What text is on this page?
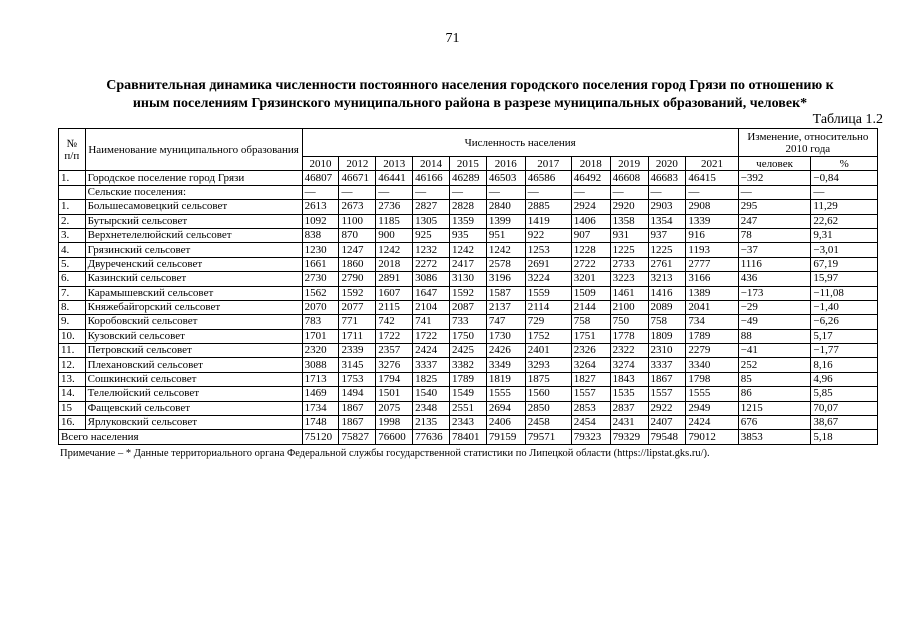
71
Сравнительная динамика численности постоянного населения городского поселения город Грязи по отношению к
иным поселениям Грязинского муниципального района в разрезе муниципальных образований, человек*
Таблица 1.2
№ п/п	Наименование муниципального образования	Численность населения											Изменение, относительно 2010 года	
		2010	2012	2013	2014	2015	2016	2017	2018	2019	2020	2021	человек	%
1.	Городское поселение город Грязи	46807	46671	46441	46166	46289	46503	46586	46492	46608	46683	46415	−392	−0,84
	Сельские поселения:	—	—	—	—	—	—	—	—	—	—	—	—	—
1.	Большесамовецкий сельсовет	2613	2673	2736	2827	2828	2840	2885	2924	2920	2903	2908	295	11,29
2.	Бутырский сельсовет	1092	1100	1185	1305	1359	1399	1419	1406	1358	1354	1339	247	22,62
3.	Верхнетелелюйский сельсовет	838	870	900	925	935	951	922	907	931	937	916	78	9,31
4.	Грязинский сельсовет	1230	1247	1242	1232	1242	1242	1253	1228	1225	1225	1193	−37	−3,01
5.	Двуреченский сельсовет	1661	1860	2018	2272	2417	2578	2691	2722	2733	2761	2777	1116	67,19
6.	Казинский сельсовет	2730	2790	2891	3086	3130	3196	3224	3201	3223	3213	3166	436	15,97
7.	Карамышевский сельсовет	1562	1592	1607	1647	1592	1587	1559	1509	1461	1416	1389	−173	−11,08
8.	Княжебайгорский сельсовет	2070	2077	2115	2104	2087	2137	2114	2144	2100	2089	2041	−29	−1,40
9.	Коробовский сельсовет	783	771	742	741	733	747	729	758	750	758	734	−49	−6,26
10.	Кузовский сельсовет	1701	1711	1722	1722	1750	1730	1752	1751	1778	1809	1789	88	5,17
11.	Петровский сельсовет	2320	2339	2357	2424	2425	2426	2401	2326	2322	2310	2279	−41	−1,77
12.	Плехановский сельсовет	3088	3145	3276	3337	3382	3349	3293	3264	3274	3337	3340	252	8,16
13.	Сошкинский сельсовет	1713	1753	1794	1825	1789	1819	1875	1827	1843	1867	1798	85	4,96
14.	Телелюйский сельсовет	1469	1494	1501	1540	1549	1555	1560	1557	1535	1557	1555	86	5,85
15	Фащевский сельсовет	1734	1867	2075	2348	2551	2694	2850	2853	2837	2922	2949	1215	70,07
16.	Ярлуковский сельсовет	1748	1867	1998	2135	2343	2406	2458	2454	2431	2407	2424	676	38,67
Всего населения		75120	75827	76600	77636	78401	79159	79571	79323	79329	79548	79012	3853	5,18
Примечание – * Данные территориального органа Федеральной службы государственной статистики по Липецкой области (https://lipstat.gks.ru/).
